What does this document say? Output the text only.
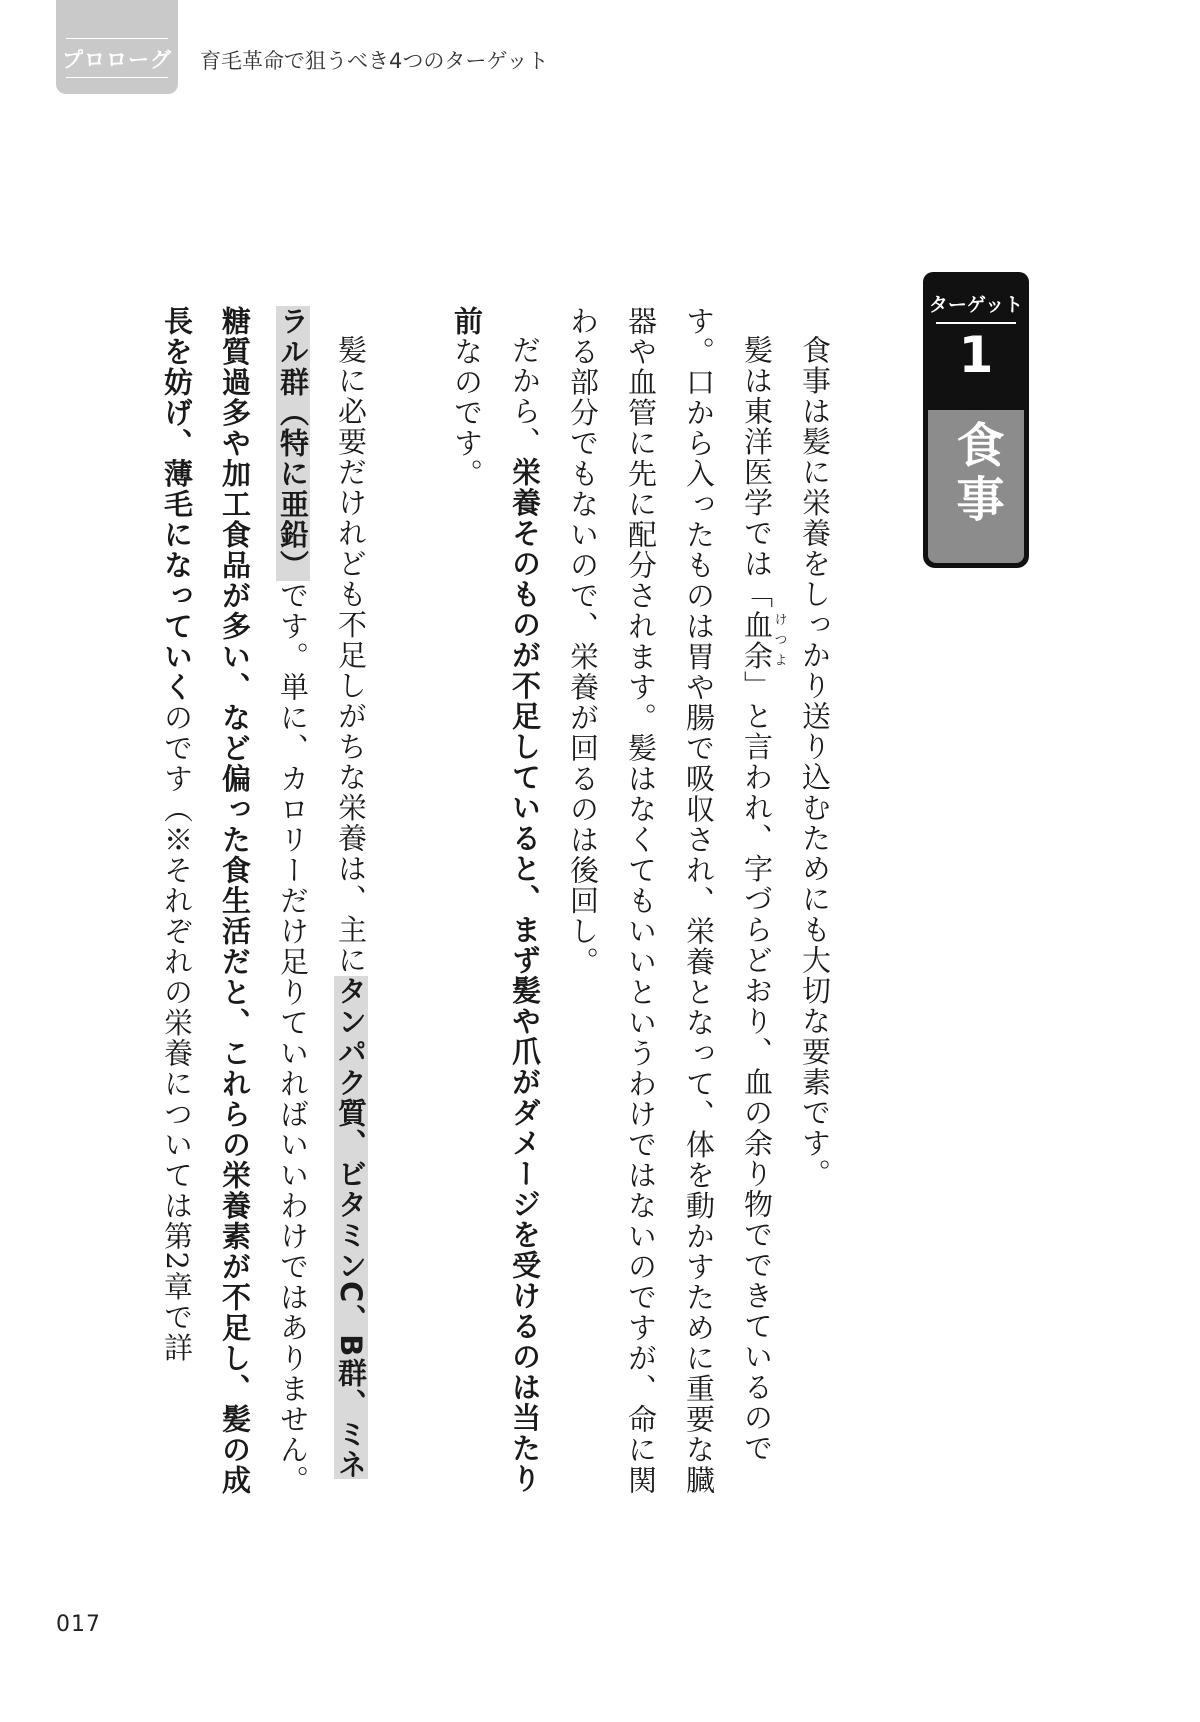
プロローグ 育毛革命で狙うべき4つのターゲット
ターゲット
1
食事

食事は髪に栄養をしっかり送り込むためにも大切な要素です。

髪は東洋医学では「血余けつよ」と言われ、字づらどおり、血の余り物でできているのです。口から入ったものは胃や腸で吸収され、栄養となって、体を動かすために重要な臓器や血管に先に配分されます。髪はなくてもいいというわけではないのですが、命に関わる部分でもないので、栄養が回るのは後回し。

だから、栄養そのものが不足していると、まず髪や爪がダメージを受けるのは当たり前なのです。

髪に必要だけれども不足しがちな栄養は、主にタンパク質、ビタミンC、B群、ミネラル群（特に亜鉛）です。単に、カロリーだけ足りていればいいわけではありません。糖質過多や加工食品が多い、など偏った食生活だと、これらの栄養素が不足し、髪の成長を妨げ、薄毛になっていくのです（※それぞれの栄養については第2章で詳

017
